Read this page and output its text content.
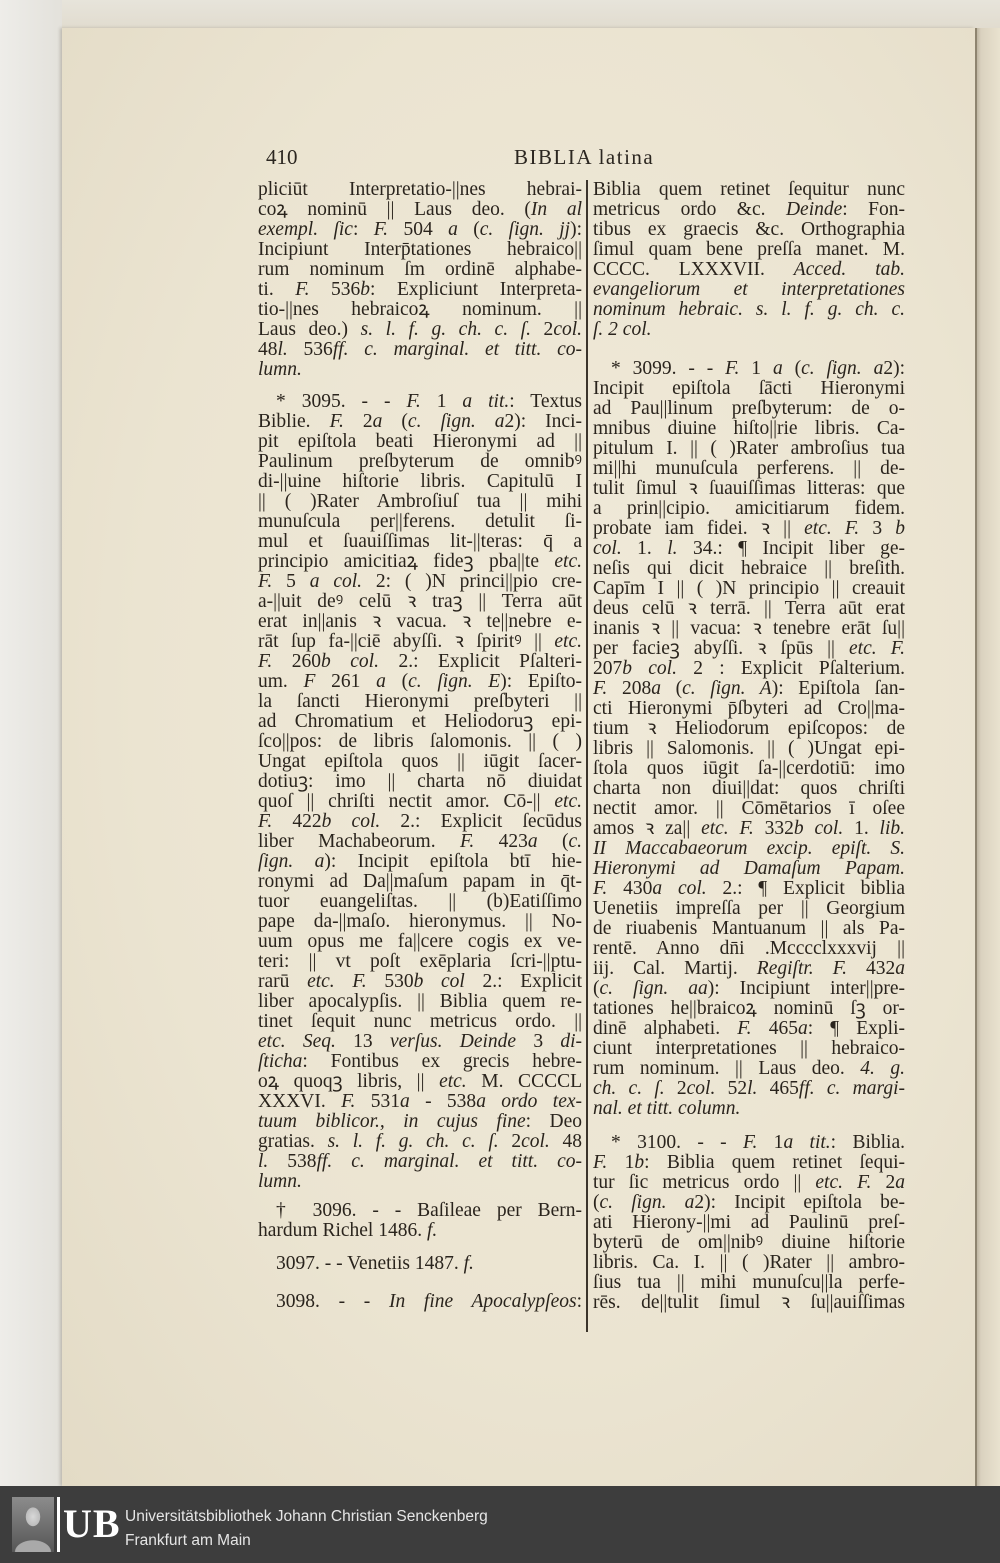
410	BIBLIA latina
pliciūt Interpretatio-||nes hebrai-
coꝝ nominū || Laus deo. (In al
exempl. ſic: F. 504 a (c. ſign. jj):
Incipiunt Interp̄tationes hebraico||
rum nominum ſm ordinē alphabe-
ti. F. 536b: Expliciunt Interpreta-
tio-||nes hebraicoꝝ nominum. ||
Laus deo.) s. l. f. g. ch. c. ſ. 2col.
48l. 536ff. c. marginal. et titt. co-
lumn.
* 3095. - - F. 1 a tit.: Textus
Biblie. F. 2a (c. ſign. a2): Inci-
pit epiſtola beati Hieronymi ad ||
Paulinum preſbyterum de omnibꝰ
di-||uine hiſtorie libris. Capitulū I
|| ( )Rater Ambroſiuſ tua || mihi
munuſcula per||ferens. detulit ſi-
mul et ſuauiſſimas lit-||teras: q̄ a
principio amicitiaꝝ fideꝫ pba||te etc.
F. 5 a col. 2: ( )N princi||pio cre-
a-||uit deꝰ celū ꝛ traꝫ || Terra aūt
erat in||anis ꝛ vacua. ꝛ te||nebre e-
rāt ſup fa-||ciē abyſſi. ꝛ ſpiritꝰ || etc.
F. 260b col. 2.: Explicit Pſalteri-
um. F 261 a (c. ſign. E): Epiſto-
la ſancti Hieronymi preſbyteri ||
ad Chromatium et Heliodoruꝫ epi-
ſco||pos: de libris ſalomonis. || ( )
Ungat epiſtola quos || iūgit ſacer-
dotiuꝫ: imo || charta nō diuidat
quoſ || chriſti nectit amor. Cō-|| etc.
F. 422b col. 2.: Explicit ſecūdus
liber Machabeorum. F. 423a (c.
ſign. a): Incipit epiſtola btī hie-
ronymi ad Da||maſum papam in q̄t-
tuor euangeliſtas. || (b)Eatiſſimo
pape da-||maſo. hieronymus. || No-
uum opus me fa||cere cogis ex ve-
teri: || vt poſt exēplaria ſcri-||ptu-
rarū etc. F. 530b col 2.: Explicit
liber apocalypſis. || Biblia quem re-
tinet ſequit nunc metricus ordo. ||
etc. Seq. 13 verſus. Deinde 3 di-
ſticha: Fontibus ex grecis hebre-
oꝝ quoqꝫ libris, || etc. M. CCCCL
XXXVI. F. 531a - 538a ordo tex-
tuum biblicor., in cujus fine: Deo
gratias. s. l. f. g. ch. c. ſ. 2col. 48
l. 538ff. c. marginal. et titt. co-
lumn.
† 3096. - - Baſileae per Bern-
hardum Richel 1486. f.
3097. - - Venetiis 1487. f.
3098. - - In fine Apocalypſeos:
Biblia quem retinet ſequitur nunc
metricus ordo &c. Deinde: Fon-
tibus ex graecis &c. Orthographia
ſimul quam bene preſſa manet. M.
CCCC. LXXXVII. Acced. tab.
evangeliorum et interpretationes
nominum hebraic. s. l. f. g. ch. c.
ſ. 2 col.
* 3099. - - F. 1 a (c. ſign. a2):
Incipit epiſtola ſācti Hieronymi
ad Pau||linum preſbyterum: de o-
mnibus diuine hiſto||rie libris. Ca-
pitulum I. || ( )Rater ambroſius tua
mi||hi munuſcula perferens. || de-
tulit ſimul ꝛ ſuauiſſimas litteras: que
a prin||cipio. amicitiarum fidem.
probate iam fidei. ꝛ || etc. F. 3 b
col. 1. l. 34.: ¶ Incipit liber ge-
neſis qui dicit hebraice || breſith.
Capīm I || ( )N principio || creauit
deus celū ꝛ terrā. || Terra aūt erat
inanis ꝛ || vacua: ꝛ tenebre erāt ſu||
per facieꝫ abyſſi. ꝛ ſpūs || etc. F.
207b col. 2 : Explicit Pſalterium.
F. 208a (c. ſign. A): Epiſtola ſan-
cti Hieronymi p̄ſbyteri ad Cro||ma-
tium ꝛ Heliodorum epiſcopos: de
libris || Salomonis. || ( )Ungat epi-
ſtola quos iūgit ſa-||cerdotiū: imo
charta non diui||dat: quos chriſti
nectit amor. || Cōmētarios ī oſee
amos ꝛ za|| etc. F. 332b col. 1. lib.
II Maccabaeorum excip. epiſt. S.
Hieronymi ad Damaſum Papam.
F. 430a col. 2.: ¶ Explicit biblia
Uenetiis impreſſa per || Georgium
de riuabenis Mantuanum || als Pa-
rentē. Anno dn̄i .Mcccclxxxvij ||
iij. Cal. Martij. Regiſtr. F. 432a
(c. ſign. aa): Incipiunt inter||pre-
tationes he||braicoꝝ nominū ſꝫ or-
dinē alphabeti. F. 465a: ¶ Expli-
ciunt interpretationes || hebraico-
rum nominum. || Laus deo. 4. g.
ch. c. ſ. 2col. 52l. 465ff. c. margi-
nal. et titt. column.
* 3100. - - F. 1a tit.: Biblia.
F. 1b: Biblia quem retinet ſequi-
tur ſic metricus ordo || etc. F. 2a
(c. ſign. a2): Incipit epiſtola be-
ati Hierony-||mi ad Paulinū preſ-
byterū de om||nibꝰ diuine hiſtorie
libris. Ca. I. || ( )Rater || ambro-
ſius tua || mihi munuſcu||la perfe-
rēs. de||tulit ſimul ꝛ ſu||auiſſimas
UB Universitätsbibliothek Johann Christian Senckenberg
Frankfurt am Main
